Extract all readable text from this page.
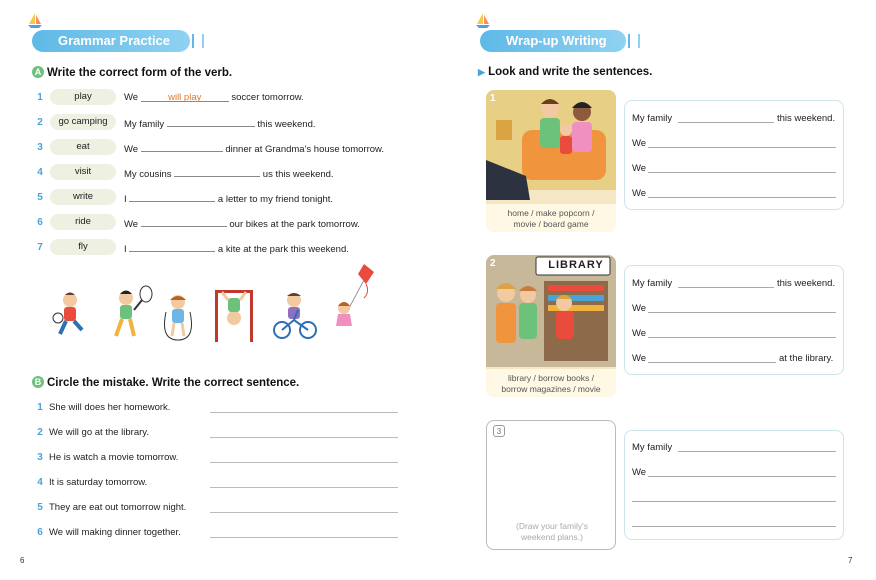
Grammar Practice
A Write the correct form of the verb.
1	play	We	will play	soccer tomorrow.
2	go camping	My family	this weekend.
3	eat	We	dinner at Grandma's house tomorrow.
4	visit	My cousins	us this weekend.
5	write	I	a letter to my friend tonight.
6	ride	We	our bikes at the park tomorrow.
7	fly	I	a kite at the park this weekend.
B Circle the mistake. Write the correct sentence.
1 She will does her homework.
2 We will go at the library.
3 He is watch a movie tomorrow.
4 It is saturday tomorrow.
5 They are eat out tomorrow night.
6 We will making dinner together.
6
Wrap-up Writing
▶ Look and write the sentences.
1
home / make popcorn /
movie / board game
LIBRARY
2
library / borrow books /
borrow magazines / movie
3
(Draw your family's
weekend plans.)
My family	this weekend.
We
We
We
My family	this weekend.
We
We
We	at the library.
My family
We
7
